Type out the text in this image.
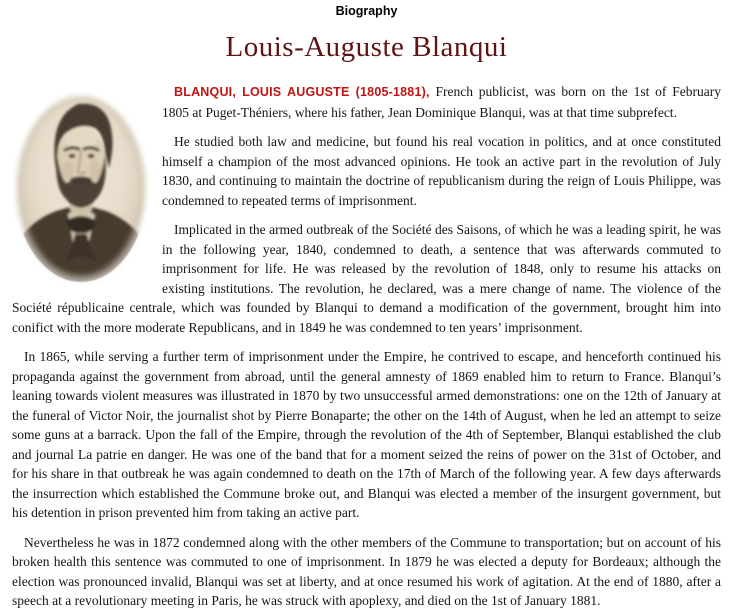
Biography
Louis-Auguste Blanqui

BLANQUI, LOUIS AUGUSTE (1805-1881), French publicist, was born on the 1st of February 1805 at Puget-Théniers, where his father, Jean Dominique Blanqui, was at that time subprefect.

He studied both law and medicine, but found his real vocation in politics, and at once constituted himself a champion of the most advanced opinions. He took an active part in the revolution of July 1830, and continuing to maintain the doctrine of republicanism during the reign of Louis Philippe, was condemned to repeated terms of imprisonment.

Implicated in the armed outbreak of the Société des Saisons, of which he was a leading spirit, he was in the following year, 1840, condemned to death, a sentence that was afterwards commuted to imprisonment for life. He was released by the revolution of 1848, only to resume his attacks on existing institutions. The revolution, he declared, was a mere change of name. The violence of the Société républicaine centrale, which was founded by Blanqui to demand a modification of the government, brought him into conifict with the more moderate Republicans, and in 1849 he was condemned to ten years’ imprisonment.

In 1865, while serving a further term of imprisonment under the Empire, he contrived to escape, and henceforth continued his propaganda against the government from abroad, until the general amnesty of 1869 enabled him to return to France. Blanqui’s leaning towards violent measures was illustrated in 1870 by two unsuccessful armed demonstrations: one on the 12th of January at the funeral of Victor Noir, the journalist shot by Pierre Bonaparte; the other on the 14th of August, when he led an attempt to seize some guns at a barrack. Upon the fall of the Empire, through the revolution of the 4th of September, Blanqui established the club and journal La patrie en danger. He was one of the band that for a moment seized the reins of power on the 31st of October, and for his share in that outbreak he was again condemned to death on the 17th of March of the following year. A few days afterwards the insurrection which established the Commune broke out, and Blanqui was elected a member of the insurgent government, but his detention in prison prevented him from taking an active part.

Nevertheless he was in 1872 condemned along with the other members of the Commune to transportation; but on account of his broken health this sentence was commuted to one of imprisonment. In 1879 he was elected a deputy for Bordeaux; although the election was pronounced invalid, Blanqui was set at liberty, and at once resumed his work of agitation. At the end of 1880, after a speech at a revolutionary meeting in Paris, he was struck with apoplexy, and died on the 1st of January 1881.
